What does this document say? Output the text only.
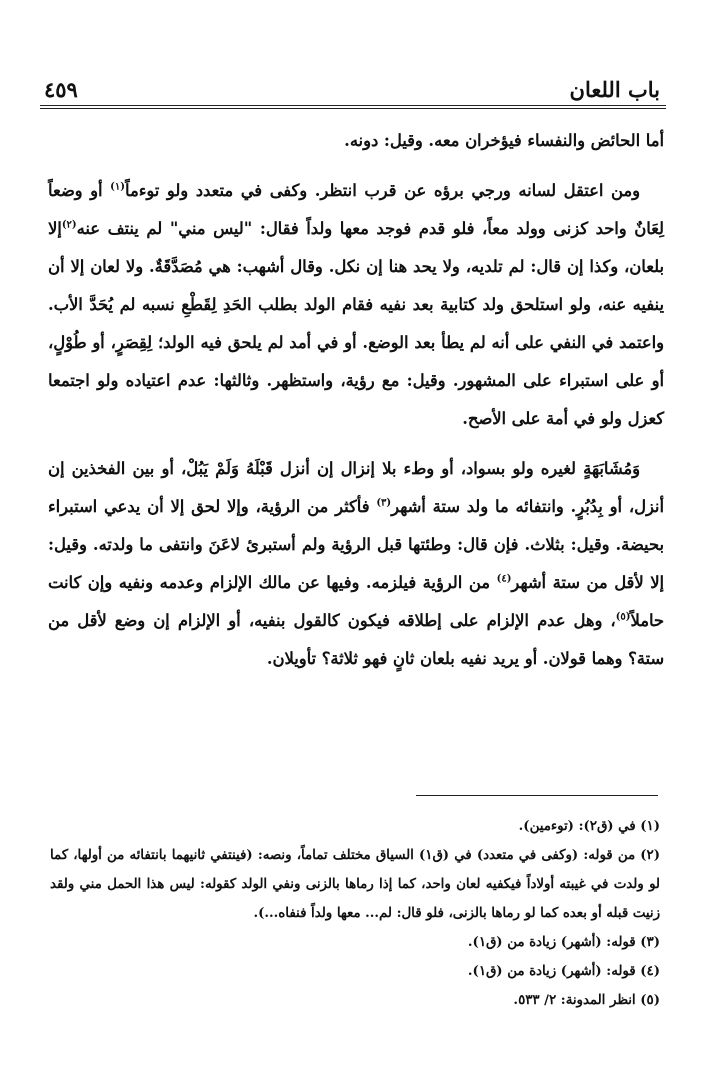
باب اللعان
٤٥٩

أما الحائض والنفساء فيؤخران معه. وقيل: دونه.

ومن اعتقل لسانه ورجي برؤه عن قرب انتظر. وكفى في متعدد ولو توءماً$^{(١)}$ أو وضعاً لِعَانٌ واحد كزنى وولد معاً، فلو قدم فوجد معها ولداً فقال: "ليس مني" لم ينتف عنه$^{(٢)}$إلا بلعان، وكذا إن قال: لم تلديه، ولا يحد هنا إن نكل. وقال أشهب: هي مُصَدَّقَةٌ. ولا لعان إلا أن ينفيه عنه، ولو استلحق ولد كتابية بعد نفيه فقام الولد بطلب الحَدِ لِقَطْعِ نسبه لم يُحَدَّ الأب. واعتمد في النفي على أنه لم يطأ بعد الوضع. أو في أمد لم يلحق فيه الولد؛ لِقِصَرٍ، أو طُوْلٍ، أو على استبراء على المشهور. وقيل: مع رؤية، واستظهر. وثالثها: عدم اعتياده ولو اجتمعا كعزل ولو في أمة على الأصح.

وَمُشَابَهَةٍ لغيره ولو بسواد، أو وطء بلا إنزال إن أنزل قَبْلَهُ وَلَمْ يَبُلْ، أو بين الفخذين إن أنزل، أو بِدُبُرٍ. وانتفائه ما ولد ستة أشهر$^{(٣)}$ فأكثر من الرؤية، وإلا لحق إلا أن يدعي استبراء بحيضة. وقيل: بثلاث. فإن قال: وطئتها قبل الرؤية ولم أستبرئ لاعَنَ وانتفى ما ولدته. وقيل: إلا لأقل من ستة أشهر$^{(٤)}$ من الرؤية فيلزمه. وفيها عن مالك الإلزام وعدمه ونفيه وإن كانت حاملاً$^{(٥)}$، وهل عدم الإلزام على إطلاقه فيكون كالقول بنفيه، أو الإلزام إن وضع لأقل من ستة؟ وهما قولان. أو يريد نفيه بلعان ثانٍ فهو ثلاثة؟ تأويلان.

(١) في (ق٢): (توءمين).

(٢) من قوله: (وكفى في متعدد) في (ق١) السياق مختلف تماماً، ونصه: (فينتفي ثانيهما بانتفائه من أولها، كما لو ولدت في غيبته أولاداً فيكفيه لعان واحد، كما إذا رماها بالزنى ونفي الولد كقوله: ليس هذا الحمل مني ولقد زنيت قبله أو بعده كما لو رماها بالزنى، فلو قال: لم... معها ولداً فنفاه...).

(٣) قوله: (أشهر) زيادة من (ق١).

(٤) قوله: (أشهر) زيادة من (ق١).

(٥) انظر المدونة: ٢/ ٥٣٣.
